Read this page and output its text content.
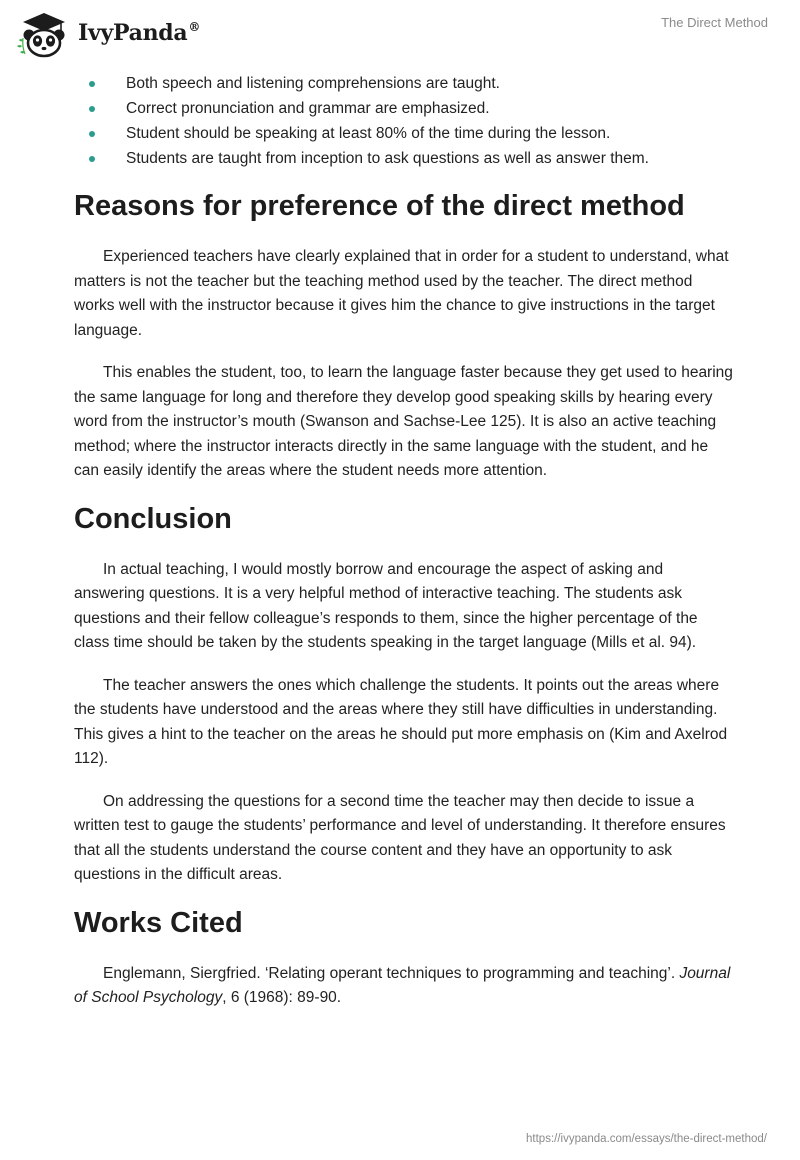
IvyPanda®	The Direct Method
Both speech and listening comprehensions are taught.
Correct pronunciation and grammar are emphasized.
Student should be speaking at least 80% of the time during the lesson.
Students are taught from inception to ask questions as well as answer them.
Reasons for preference of the direct method

Experienced teachers have clearly explained that in order for a student to understand, what matters is not the teacher but the teaching method used by the teacher. The direct method works well with the instructor because it gives him the chance to give instructions in the target language.

This enables the student, too, to learn the language faster because they get used to hearing the same language for long and therefore they develop good speaking skills by hearing every word from the instructor’s mouth (Swanson and Sachse-Lee 125). It is also an active teaching method; where the instructor interacts directly in the same language with the student, and he can easily identify the areas where the student needs more attention.

Conclusion

In actual teaching, I would mostly borrow and encourage the aspect of asking and answering questions. It is a very helpful method of interactive teaching. The students ask questions and their fellow colleague’s responds to them, since the higher percentage of the class time should be taken by the students speaking in the target language (Mills et al. 94).

The teacher answers the ones which challenge the students. It points out the areas where the students have understood and the areas where they still have difficulties in understanding. This gives a hint to the teacher on the areas he should put more emphasis on (Kim and Axelrod 112).

On addressing the questions for a second time the teacher may then decide to issue a written test to gauge the students’ performance and level of understanding. It therefore ensures that all the students understand the course content and they have an opportunity to ask questions in the difficult areas.

Works Cited

Englemann, Siergfried. ‘Relating operant techniques to programming and teaching’. Journal of School Psychology, 6 (1968): 89-90.

https://ivypanda.com/essays/the-direct-method/
